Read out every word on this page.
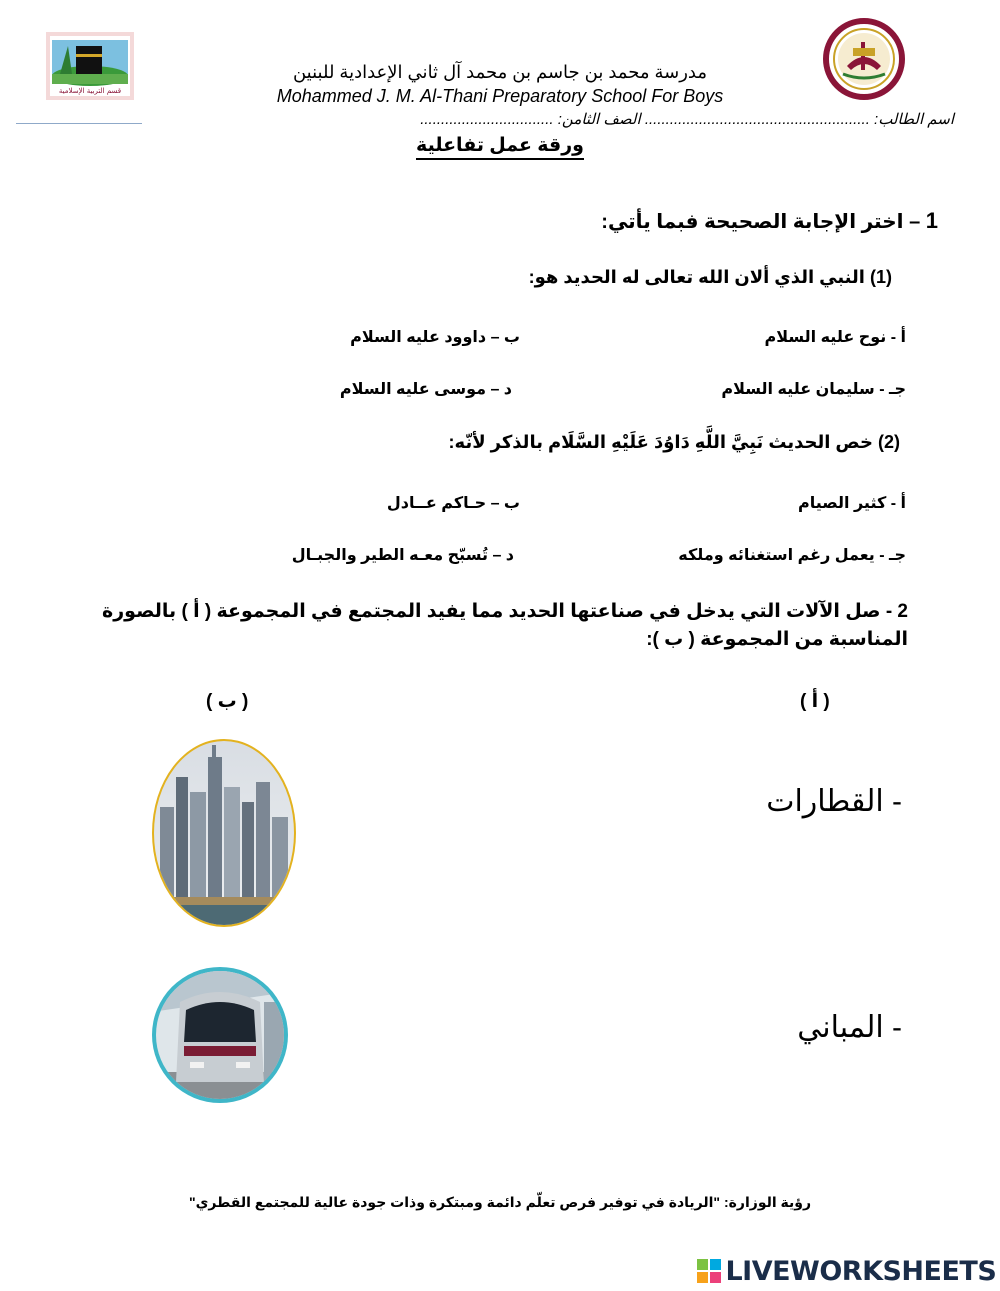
قسم التربية الإسلامية
مدرسة محمد بن جاسم بن محمد آل ثاني الإعدادية للبنين
Mohammed J. M. Al-Thani Preparatory School For Boys
اسم الطالب: ...................................................... الصف الثامن: ................................
ورقة عمل تفاعلية
1 – اختر الإجابة الصحيحة فبما يأتي:
(1) النبي الذي ألان الله تعالى له الحديد هو:
أ - نوح عليه السلام
ب – داوود عليه السلام
جـ - سليمان عليه السلام
د – موسى عليه السلام
(2) خص الحديث نَبِيَّ اللَّهِ دَاوُدَ عَلَيْهِ السَّلَام بالذكر لأنّه:
أ - كثير الصيام
ب – حـاكم عــادل
جـ - يعمل رغم استغنائه وملكه
د – تُسبّح معـه الطير والجبـال
2 - صل الآلات التي يدخل في صناعتها الحديد مما يفيد المجتمع في المجموعة ( أ ) بالصورة المناسبة من المجموعة ( ب ):
( أ )
( ب )
- القطارات
- المباني
رؤية الوزارة: "الريادة في توفير فرص تعلّم دائمة ومبتكرة وذات جودة عالية للمجتمع القطري"
LIVEWORKSHEETS
